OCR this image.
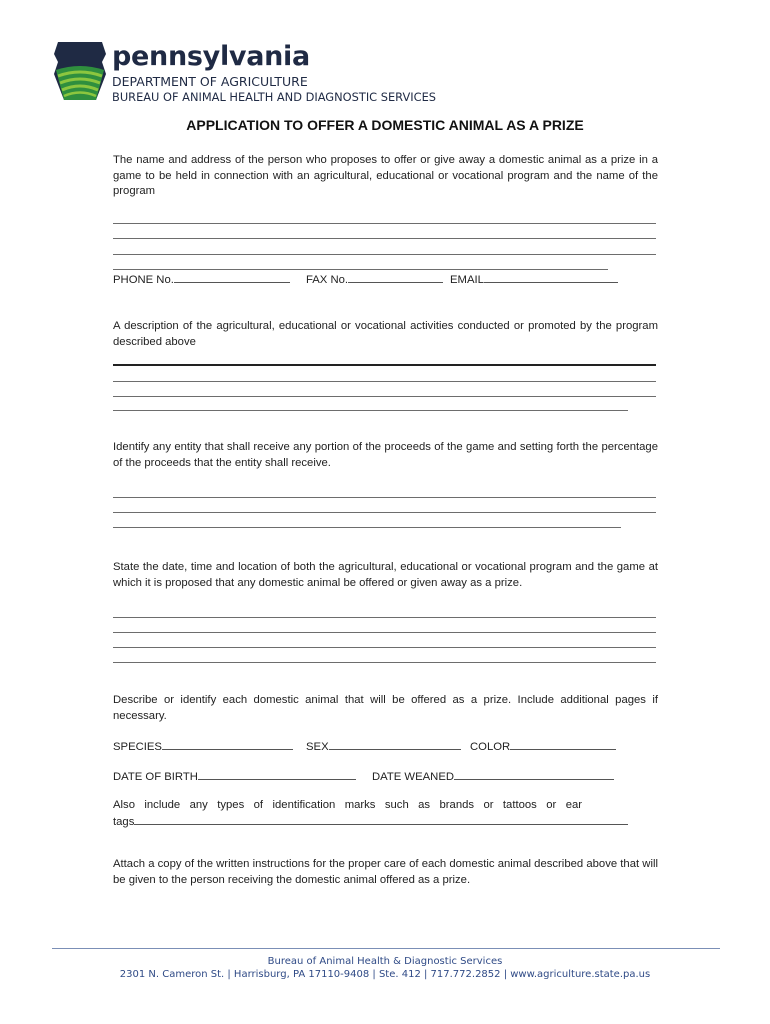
pennsylvania
DEPARTMENT OF AGRICULTURE
BUREAU OF ANIMAL HEALTH AND DIAGNOSTIC SERVICES
APPLICATION TO OFFER A DOMESTIC ANIMAL AS A PRIZE
The name and address of the person who proposes to offer or give away a domestic animal as a prize in a game to be held in connection with an agricultural, educational or vocational program and the name of the program
PHONE No.	FAX No.	EMAIL
A description of the agricultural, educational or vocational activities conducted or promoted by the program described above
Identify any entity that shall receive any portion of the proceeds of the game and setting forth the percentage of the proceeds that the entity shall receive.
State the date, time and location of both the agricultural, educational or vocational program and the game at which it is proposed that any domestic animal be offered or given away as a prize.
Describe or identify each domestic animal that will be offered as a prize. Include additional pages if necessary.
SPECIES	SEX	COLOR
DATE OF BIRTH	DATE WEANED
Also   include   any   types   of   identification   marks   such   as   brands   or   tattoos   or   ear
tags
Attach a copy of the written instructions for the proper care of each domestic animal described above that will be given to the person receiving the domestic animal offered as a prize.
Bureau of Animal Health & Diagnostic Services
2301 N. Cameron St. | Harrisburg, PA 17110-9408 | Ste. 412 | 717.772.2852 | www.agriculture.state.pa.us
